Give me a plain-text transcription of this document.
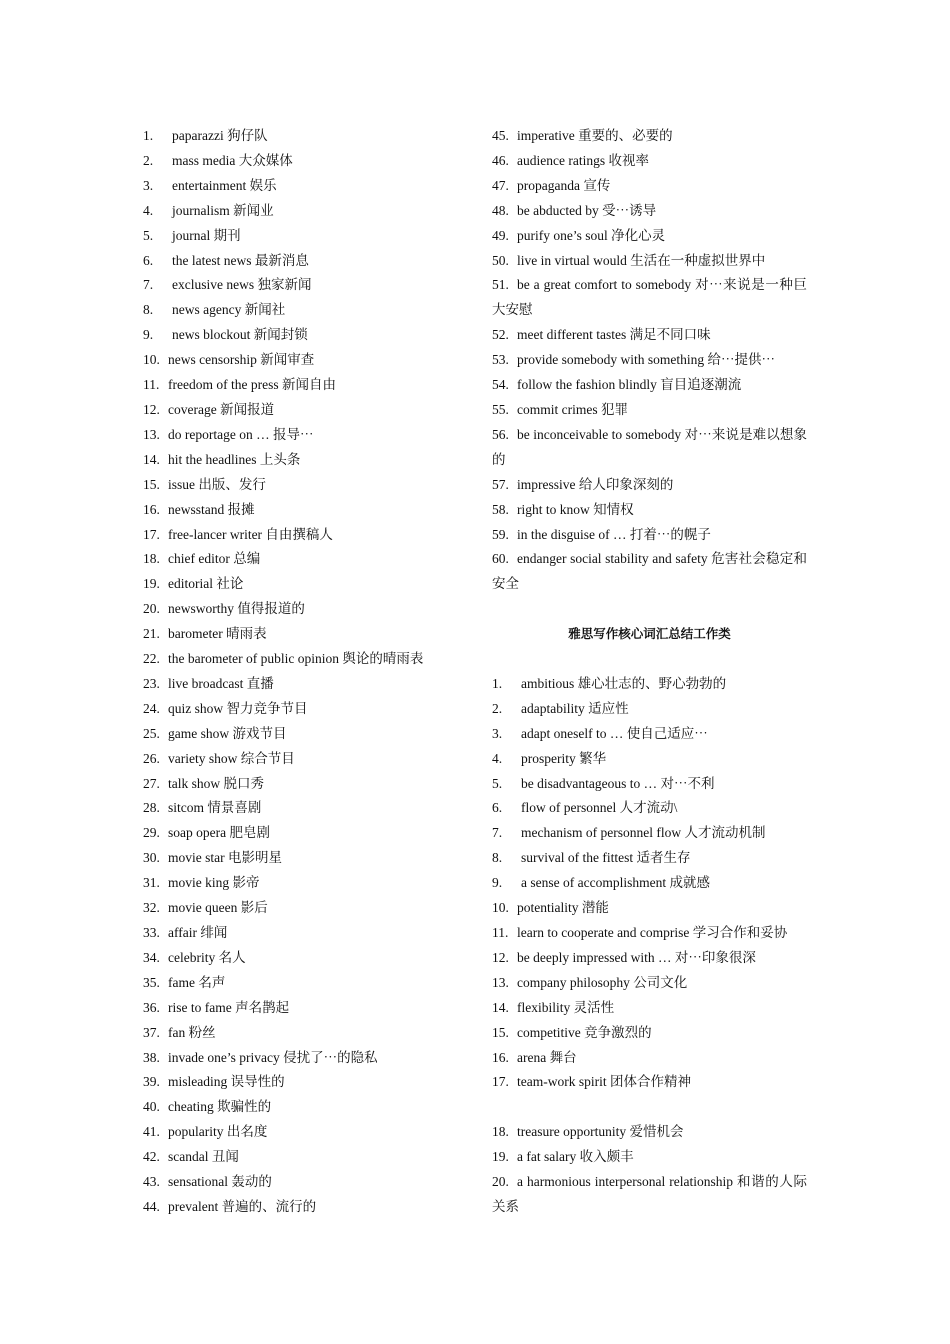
1. paparazzi 狗仔队
2. mass media 大众媒体
3. entertainment 娱乐
4. journalism 新闻业
5. journal 期刊
6. the latest news 最新消息
7. exclusive news 独家新闻
8. news agency 新闻社
9. news blockout 新闻封锁
10. news censorship 新闻审查
11. freedom of the press 新闻自由
12. coverage 新闻报道
13. do reportage on … 报导⋯
14. hit the headlines 上头条
15. issue 出版、发行
16. newsstand 报摊
17. free-lancer writer 自由撰稿人
18. chief editor 总编
19. editorial 社论
20. newsworthy 值得报道的
21. barometer 晴雨表
22. the barometer of public opinion 舆论的晴雨表
23. live broadcast 直播
24. quiz show 智力竞争节目
25. game show 游戏节目
26. variety show 综合节目
27. talk show 脱口秀
28. sitcom 情景喜剧
29. soap opera 肥皂剧
30. movie star 电影明星
31. movie king 影帝
32. movie queen 影后
33. affair 绯闻
34. celebrity 名人
35. fame 名声
36. rise to fame 声名鹊起
37. fan 粉丝
38. invade one’s privacy 侵扰了⋯的隐私
39. misleading 误导性的
40. cheating 欺骗性的
41. popularity 出名度
42. scandal 丑闻
43. sensational 轰动的
44. prevalent 普遍的、流行的
45. imperative 重要的、必要的
46. audience ratings 收视率
47. propaganda 宣传
48. be abducted by 受⋯诱导
49. purify one’s soul 净化心灵
50. live in virtual would 生活在一种虚拟世界中
51. be a great comfort to somebody 对⋯来说是一种巨大安慰
52. meet different tastes 满足不同口味
53. provide somebody with something 给⋯提供⋯
54. follow the fashion blindly 盲目追逐潮流
55. commit crimes 犯罪
56. be inconceivable to somebody 对⋯来说是难以想象的
57. impressive 给人印象深刻的
58. right to know 知情权
59. in the disguise of … 打着⋯的幌子
60. endanger social stability and safety 危害社会稳定和安全
雅思写作核心词汇总结工作类
1. ambitious 雄心壮志的、野心勃勃的
2. adaptability 适应性
3. adapt oneself to … 使自己适应⋯
4. prosperity 繁华
5. be disadvantageous to … 对⋯不利
6. flow of personnel 人才流动\
7. mechanism of personnel flow 人才流动机制
8. survival of the fittest 适者生存
9. a sense of accomplishment 成就感
10. potentiality 潜能
11. learn to cooperate and comprise 学习合作和妥协
12. be deeply impressed with … 对⋯印象很深
13. company philosophy 公司文化
14. flexibility 灵活性
15. competitive 竞争激烈的
16. arena 舞台
17. team-work spirit 团体合作精神
18. treasure opportunity 爱惜机会
19. a fat salary 收入颇丰
20. a harmonious interpersonal relationship 和谐的人际关系
